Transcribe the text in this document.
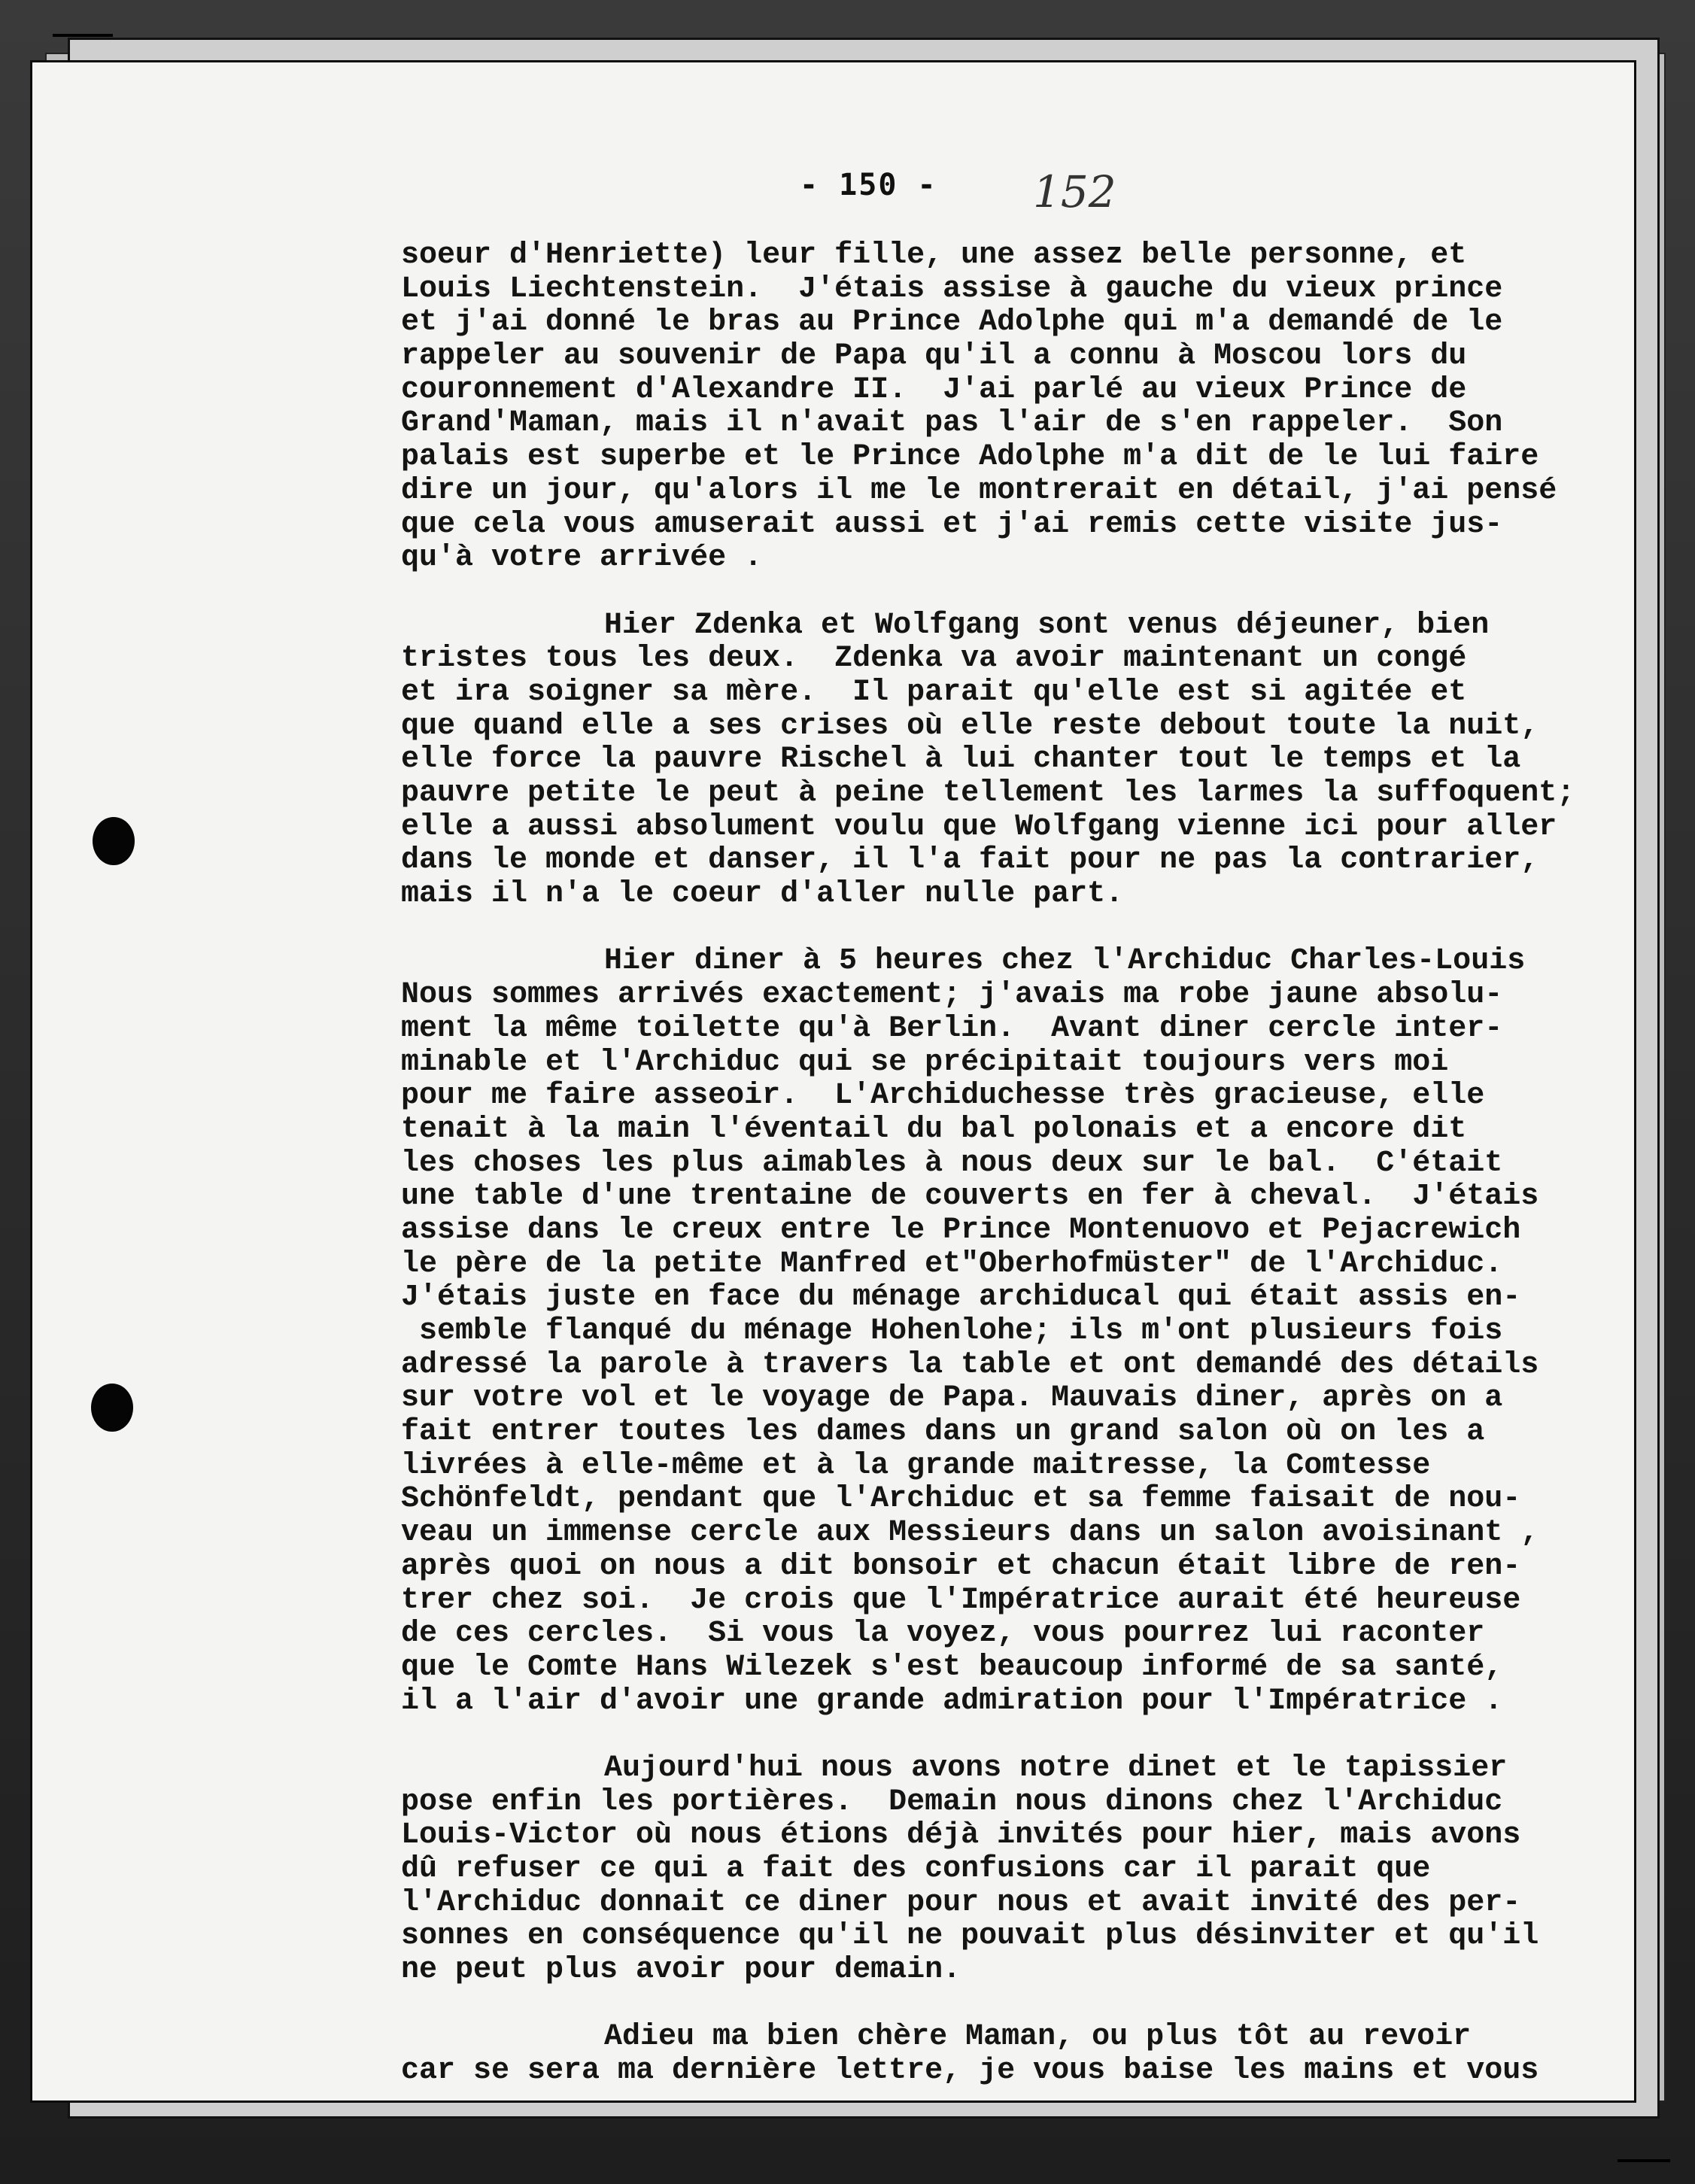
- 150 - 152
soeur d'Henriette) leur fille, une assez belle personne, et
Louis Liechtenstein.  J'étais assise à gauche du vieux prince
et j'ai donné le bras au Prince Adolphe qui m'a demandé de le
rappeler au souvenir de Papa qu'il a connu à Moscou lors du
couronnement d'Alexandre II.  J'ai parlé au vieux Prince de
Grand'Maman, mais il n'avait pas l'air de s'en rappeler.  Son
palais est superbe et le Prince Adolphe m'a dit de le lui faire
dire un jour, qu'alors il me le montrerait en détail, j'ai pensé
que cela vous amuserait aussi et j'ai remis cette visite jus-
qu'à votre arrivée .
Hier Zdenka et Wolfgang sont venus déjeuner, bien
tristes tous les deux.  Zdenka va avoir maintenant un congé
et ira soigner sa mère.  Il parait qu'elle est si agitée et
que quand elle a ses crises où elle reste debout toute la nuit,
elle force la pauvre Rischel à lui chanter tout le temps et la
pauvre petite le peut à peine tellement les larmes la suffoquent;
elle a aussi absolument voulu que Wolfgang vienne ici pour aller
dans le monde et danser, il l'a fait pour ne pas la contrarier,
mais il n'a le coeur d'aller nulle part.
Hier diner à 5 heures chez l'Archiduc Charles-Louis
Nous sommes arrivés exactement; j'avais ma robe jaune absolu-
ment la même toilette qu'à Berlin.  Avant diner cercle inter-
minable et l'Archiduc qui se précipitait toujours vers moi
pour me faire asseoir.  L'Archiduchesse très gracieuse, elle
tenait à la main l'éventail du bal polonais et a encore dit
les choses les plus aimables à nous deux sur le bal.  C'était
une table d'une trentaine de couverts en fer à cheval.  J'étais
assise dans le creux entre le Prince Montenuovo et Pejacrewich
le père de la petite Manfred et"Oberhofmüster" de l'Archiduc.
J'étais juste en face du ménage archiducal qui était assis en-
semble flanqué du ménage Hohenlohe; ils m'ont plusieurs fois
adressé la parole à travers la table et ont demandé des détails
sur votre vol et le voyage de Papa. Mauvais diner, après on a
fait entrer toutes les dames dans un grand salon où on les a
livrées à elle-même et à la grande maitresse, la Comtesse
Schönfeldt, pendant que l'Archiduc et sa femme faisait de nou-
veau un immense cercle aux Messieurs dans un salon avoisinant ,
après quoi on nous a dit bonsoir et chacun était libre de ren-
trer chez soi.  Je crois que l'Impératrice aurait été heureuse
de ces cercles.  Si vous la voyez, vous pourrez lui raconter
que le Comte Hans Wilezek s'est beaucoup informé de sa santé,
il a l'air d'avoir une grande admiration pour l'Impératrice .
Aujourd'hui nous avons notre dinet et le tapissier
pose enfin les portières.  Demain nous dinons chez l'Archiduc
Louis-Victor où nous étions déjà invités pour hier, mais avons
dû refuser ce qui a fait des confusions car il parait que
l'Archiduc donnait ce diner pour nous et avait invité des per-
sonnes en conséquence qu'il ne pouvait plus désinviter et qu'il
ne peut plus avoir pour demain.
Adieu ma bien chère Maman, ou plus tôt au revoir
car se sera ma dernière lettre, je vous baise les mains et vous
